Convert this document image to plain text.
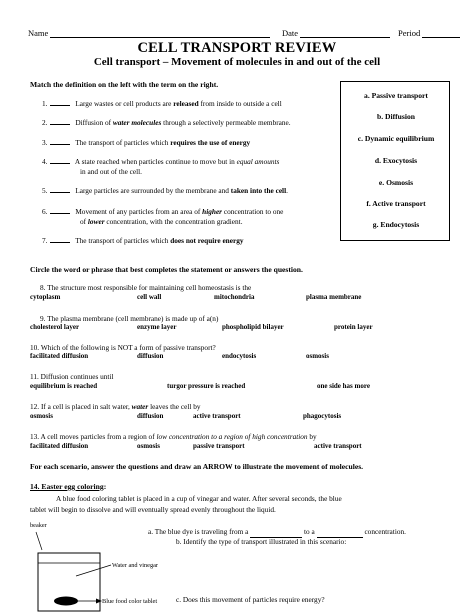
Name	Date	Period
CELL TRANSPORT REVIEW
Cell transport – Movement of molecules in and out of the cell
Match the definition on the left with the term on the right.
1.	Large wastes or cell products are released from inside to outside a cell
2.	Diffusion of water molecules through a selectively permeable membrane.
3.	The transport of particles which requires the use of energy
4.	A state reached when particles continue to move but in equal amounts
in and out of the cell.
5.	Large particles are surrounded by the membrane and taken into the cell.
6.	Movement of any particles from an area of higher concentration to one
of lower concentration, with the concentration gradient.
7.	The transport of particles which does not require energy
a. Passive transport
b. Diffusion
c. Dynamic equilibrium
d. Exocytosis
e. Osmosis
f. Active transport
g. Endocytosis
Circle the word or phrase that best completes the statement or answers the question.
8. The structure most responsible for maintaining cell homeostasis is the
cytoplasm	cell wall	mitochondria	plasma membrane
9. The plasma membrane (cell membrane) is made up of a(n)
cholesterol layer	enzyme layer	phospholipid bilayer	protein layer
10. Which of the following is NOT a form of passive transport?
facilitated diffusion	diffusion	endocytosis	osmosis
11. Diffusion continues until
equilibrium is reached	turgor pressure is reached	one side has more
12. If a cell is placed in salt water, water leaves the cell by
osmosis	diffusion	active transport	phagocytosis
13. A cell moves particles from a region of low concentration to a region of high concentration by
facilitated diffusion	osmosis	passive transport	active transport
For each scenario, answer the questions and draw an ARROW to illustrate the movement of molecules.
14. Easter egg coloring:
A blue food coloring tablet is placed in a cup of vinegar and water. After several seconds, the blue
tablet will begin to dissolve and will eventually spread evenly throughout the liquid.
a. The blue dye is traveling from a	to a	concentration.
b. Identify the type of transport illustrated in this scenario:
c. Does this movement of particles require energy?
beaker
Water and vinegar
Blue food color tablet
